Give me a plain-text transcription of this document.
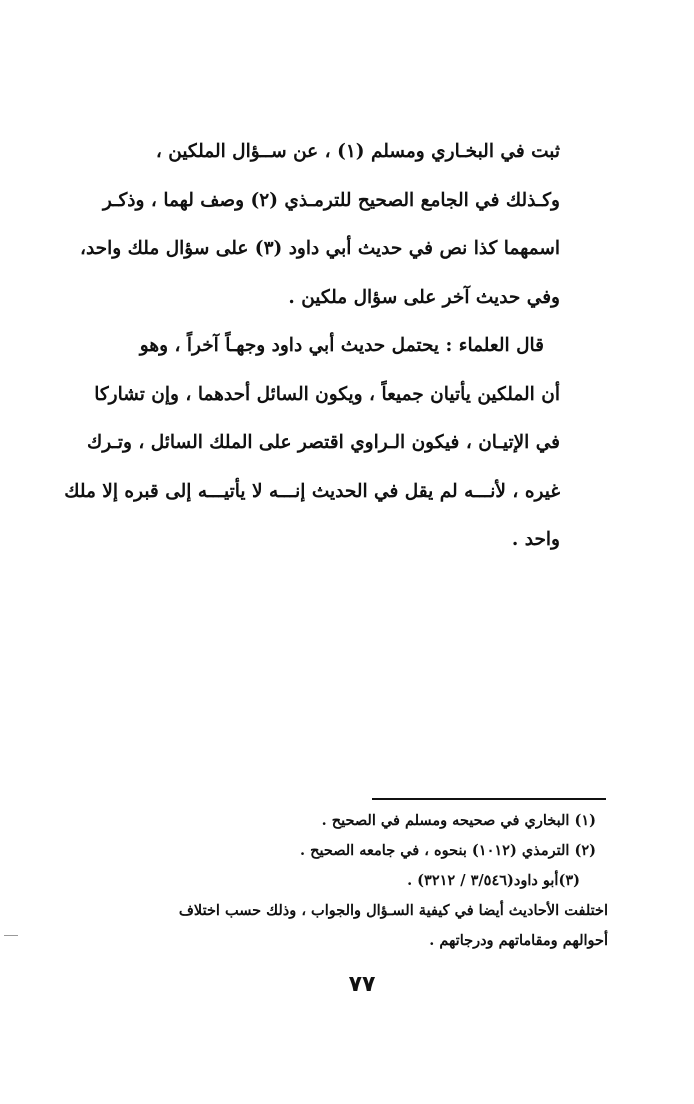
ثبت في البخـاري ومسلم (١) ، عن ســؤال الملكين ،
وكـذلك في الجامع الصحيح للترمـذي (٢) وصف لهما ، وذكـر
اسمهما كذا نص في حديث أبي داود (٣) على سؤال ملك واحد،
وفي حديث آخر على سؤال ملكين .

قال العلماء : يحتمل حديث أبي داود وجهـاً آخراً ، وهو
أن الملكين يأتيان جميعاً ، ويكون السائل أحدهما ، وإن تشاركا
في الإتيـان ، فيكون الـراوي اقتصر على الملك السائل ، وتـرك
غيره ، لأنـــه لم يقل في الحديث إنـــه لا يأتيـــه إلى قبره إلا ملك
واحد .

(١) البخاري في صحيحه ومسلم في الصحيح .
(٢) الترمذي (١٠١٢) بنحوه ، في جامعه الصحيح .
(٣)أبو داود(٣/٥٤٦ / ٣٢١٢) .
اختلفت الأحاديث أيضا في كيفية السـؤال والجواب ، وذلك حسب اختلاف
أحوالهم ومقاماتهم ودرجاتهم .
٧٧
